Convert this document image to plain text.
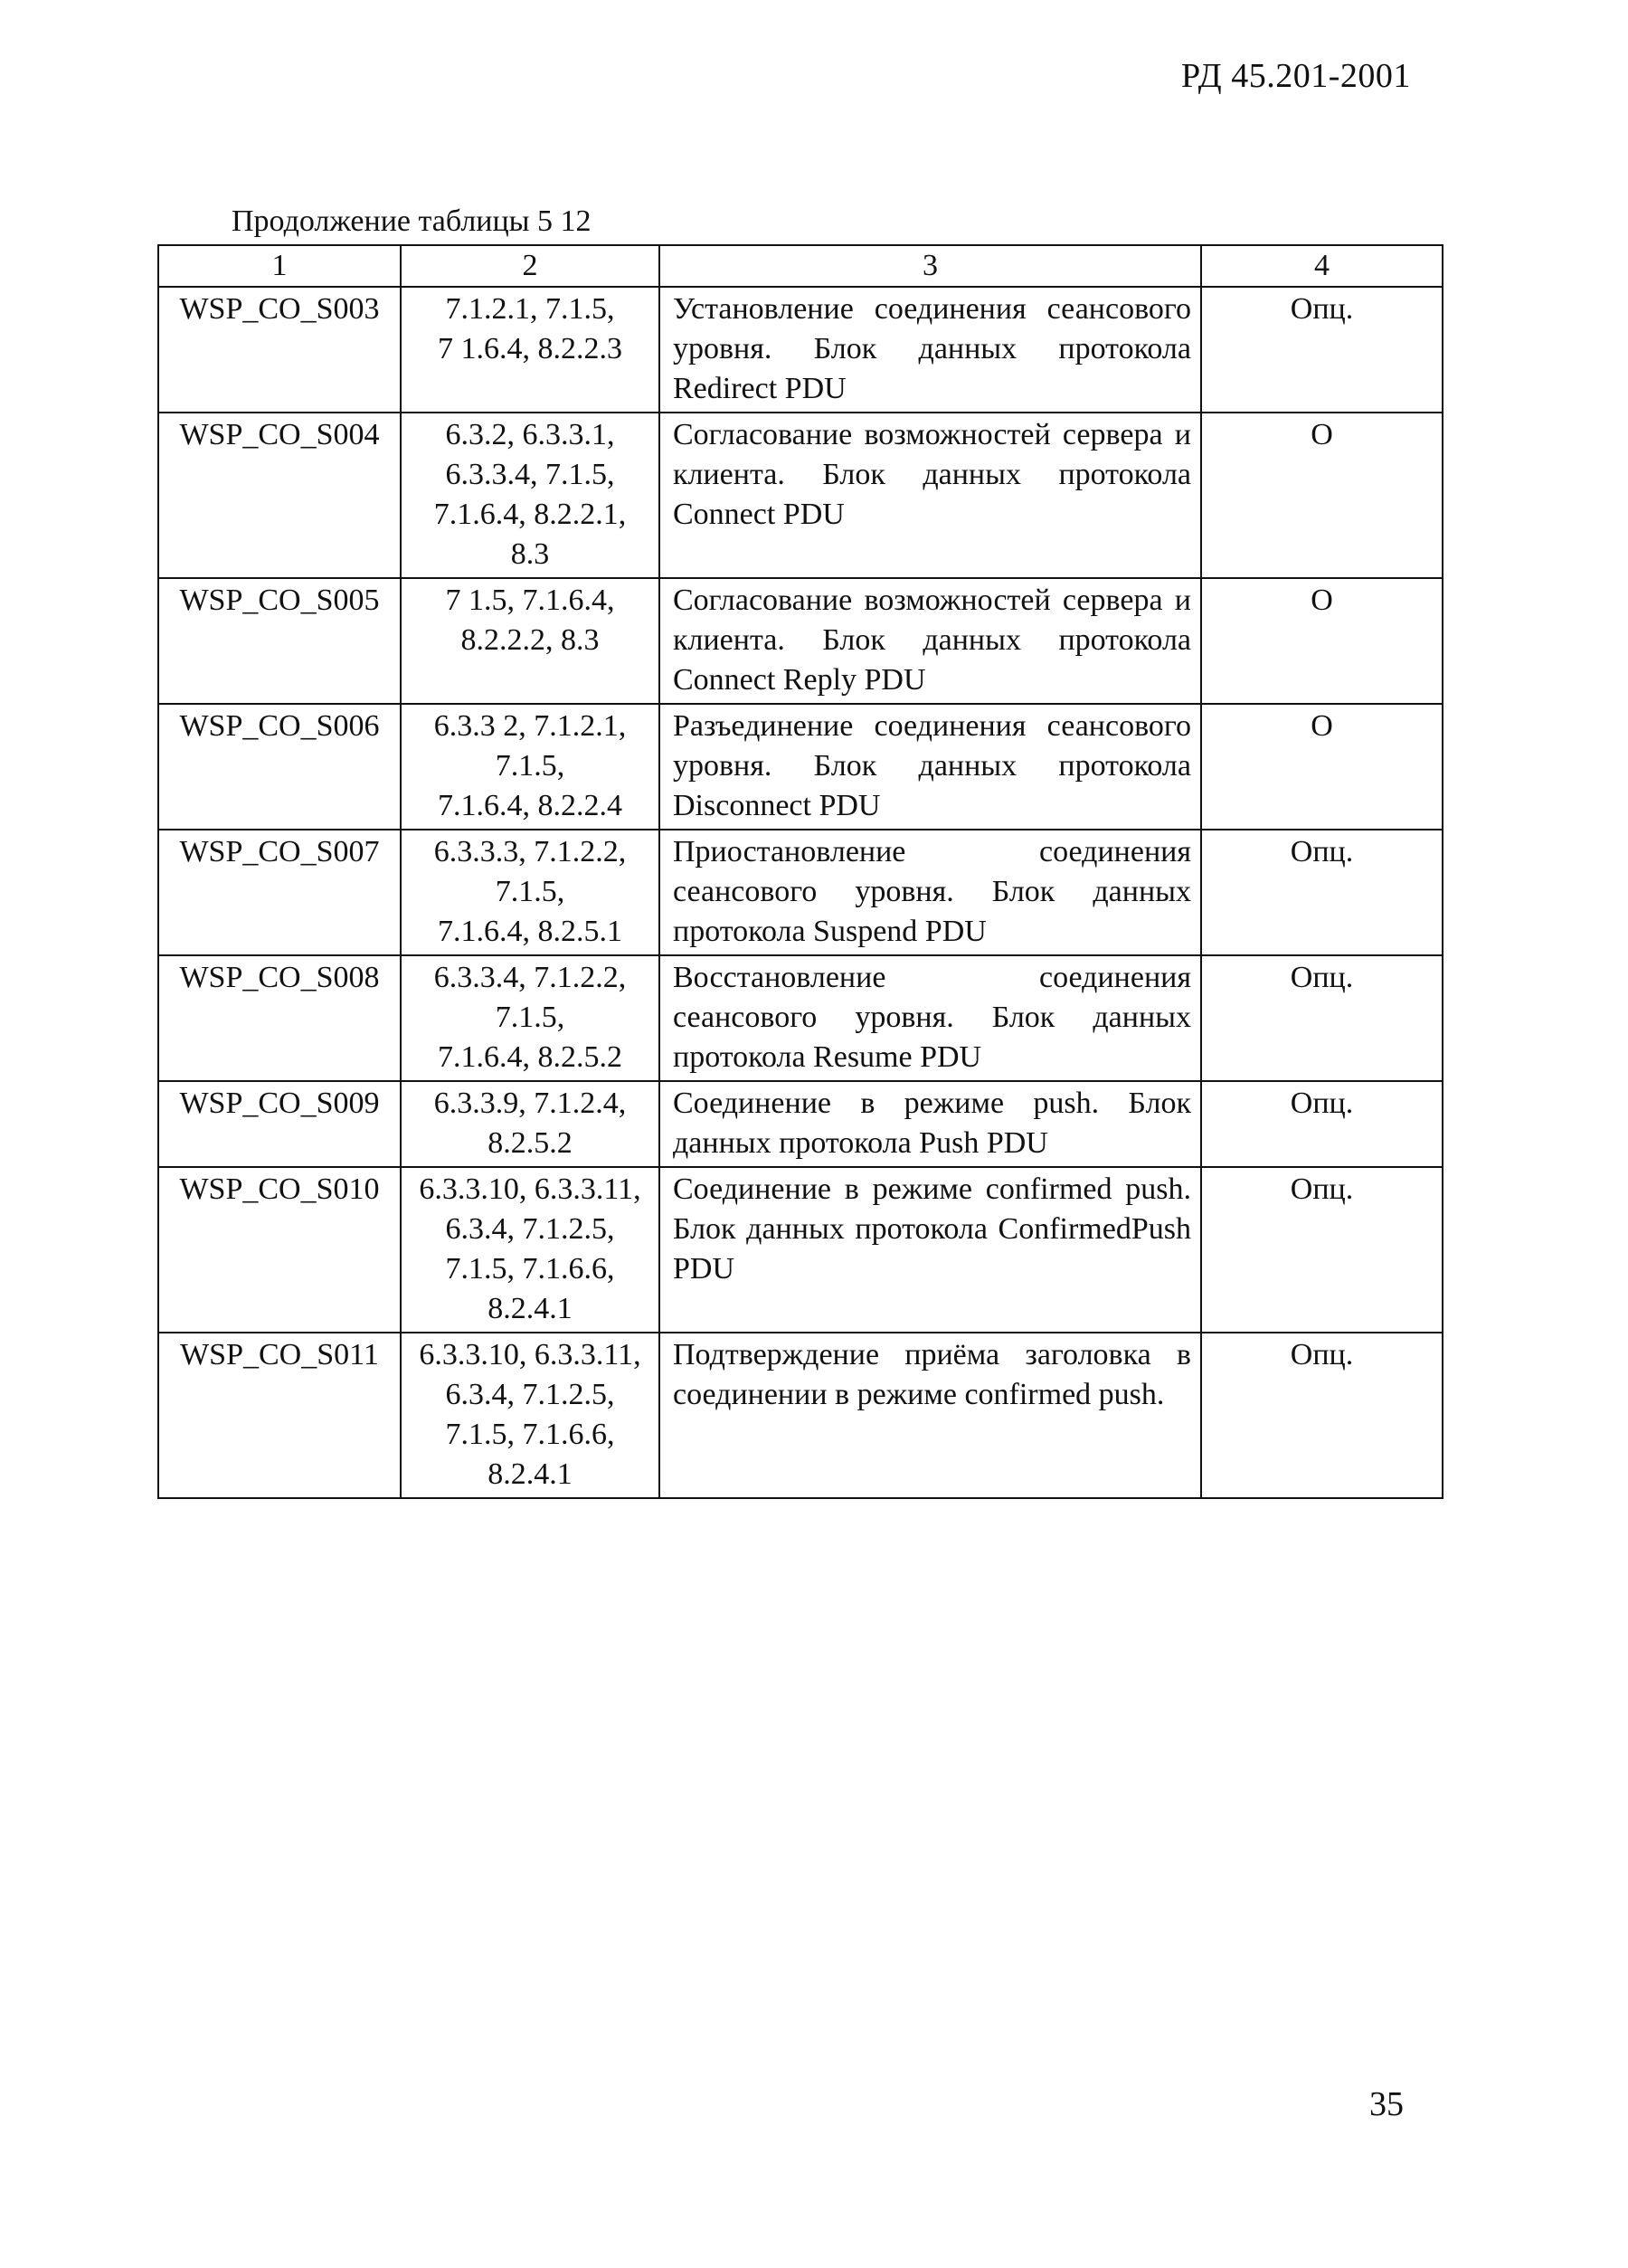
РД 45.201-2001
Продолжение таблицы 5 12
1	2	3	4
WSP_CO_S003	7.1.2.1, 7.1.5,
7 1.6.4, 8.2.2.3	Установление соединения сеансового уровня. Блок данных протокола Redirect PDU	Опц.
WSP_CO_S004	6.3.2, 6.3.3.1,
6.3.3.4, 7.1.5,
7.1.6.4, 8.2.2.1,
8.3	Согласование возможностей сервера и клиента. Блок данных протокола Connect PDU	О
WSP_CO_S005	7 1.5, 7.1.6.4,
8.2.2.2, 8.3	Согласование возможностей сервера и клиента. Блок данных протокола Connect Reply PDU	О
WSP_CO_S006	6.3.3 2, 7.1.2.1,
7.1.5,
7.1.6.4, 8.2.2.4	Разъединение соединения сеансового уровня. Блок данных протокола Disconnect PDU	О
WSP_CO_S007	6.3.3.3, 7.1.2.2,
7.1.5,
7.1.6.4, 8.2.5.1	Приостановление соединения сеансового уровня. Блок данных протокола Suspend PDU	Опц.
WSP_CO_S008	6.3.3.4, 7.1.2.2,
7.1.5,
7.1.6.4, 8.2.5.2	Восстановление соединения сеансового уровня. Блок данных протокола Resume PDU	Опц.
WSP_CO_S009	6.3.3.9, 7.1.2.4,
8.2.5.2	Соединение в режиме push. Блок данных протокола Push PDU	Опц.
WSP_CO_S010	6.3.3.10, 6.3.3.11,
6.3.4, 7.1.2.5,
7.1.5, 7.1.6.6,
8.2.4.1	Соединение в режиме confirmed push. Блок данных протокола ConfirmedPush PDU	Опц.
WSP_CO_S011	6.3.3.10, 6.3.3.11,
6.3.4, 7.1.2.5,
7.1.5, 7.1.6.6,
8.2.4.1	Подтверждение приёма заголовка в соединении в режиме confirmed push.	Опц.
35
